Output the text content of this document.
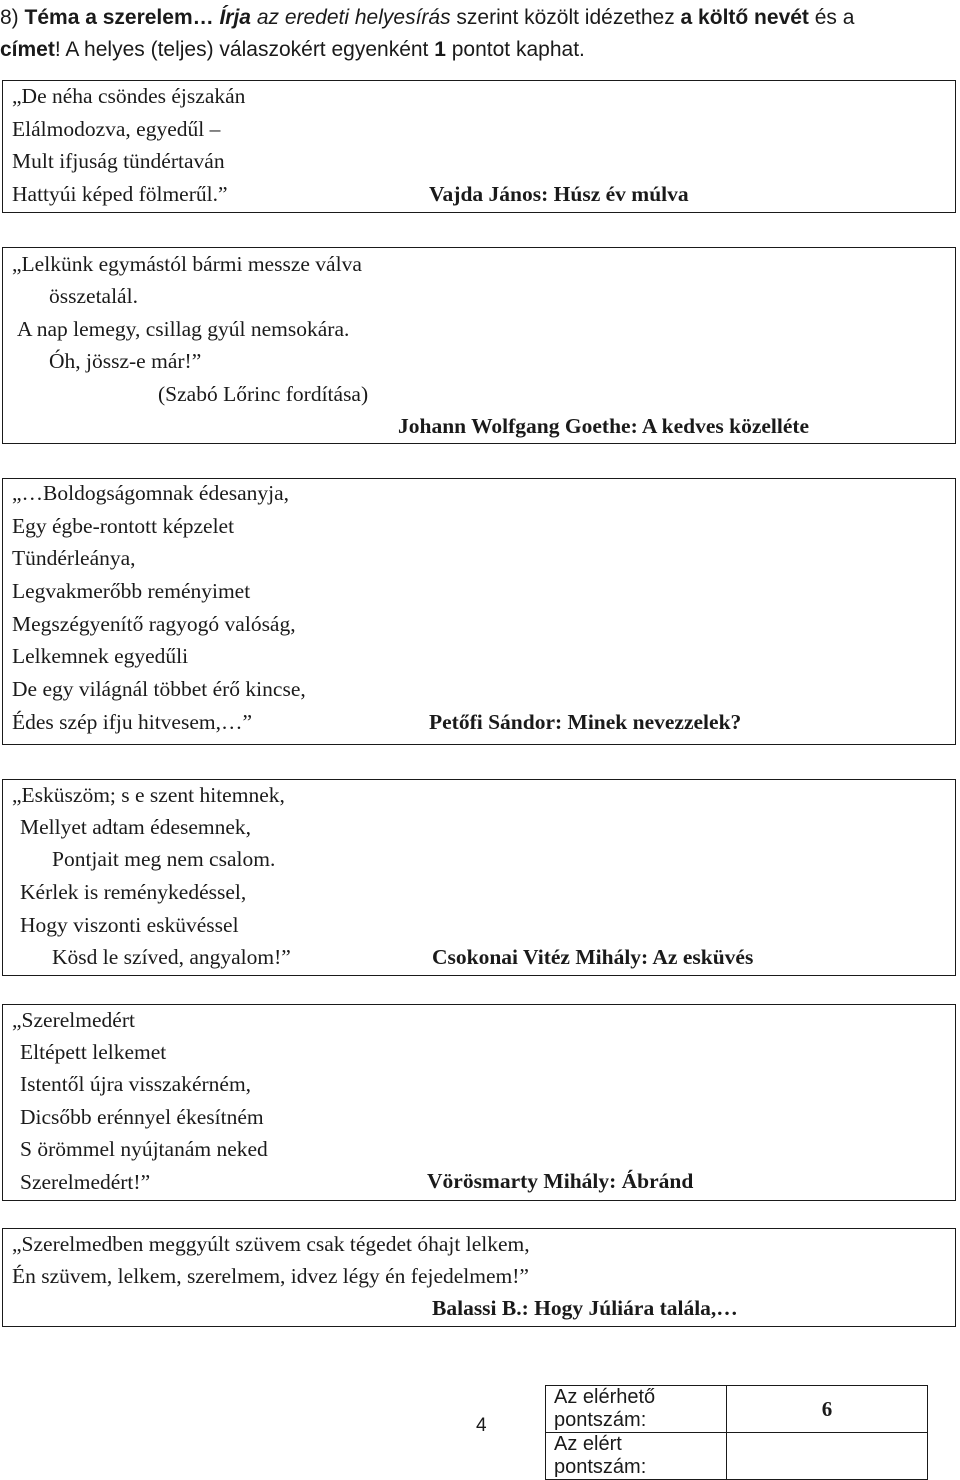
8) Téma a szerelem… Írja az eredeti helyesírás szerint közölt idézethez a költő nevét és a
címet! A helyes (teljes) válaszokért egyenként 1 pontot kaphat.
„De néha csöndes éjszakán
Elálmodozva, egyedűl –
Mult ifjuság tündértaván
Hattyúi képed fölmerűl.”	Vajda János: Húsz év múlva
„Lelkünk egymástól bármi messze válva
összetalál.
A nap lemegy, csillag gyúl nemsokára.
Óh, jössz-e már!”
(Szabó Lőrinc fordítása)
Johann Wolfgang Goethe: A kedves közelléte
„…Boldogságomnak édesanyja,
Egy égbe-rontott képzelet
Tündérleánya,
Legvakmerőbb reményimet
Megszégyenítő ragyogó valóság,
Lelkemnek egyedűli
De egy világnál többet érő kincse,
Édes szép ifju hitvesem,…”	Petőfi Sándor: Minek nevezzelek?
„Esküszöm; s e szent hitemnek,
Mellyet adtam édesemnek,
Pontjait meg nem csalom.
Kérlek is reménykedéssel,
Hogy viszonti esküvéssel
Kösd le szíved, angyalom!”	Csokonai Vitéz Mihály: Az esküvés
„Szerelmedért
Eltépett lelkemet
Istentől újra visszakérném,
Dicsőbb erénnyel ékesítném
S örömmel nyújtanám neked
Szerelmedért!”	Vörösmarty Mihály: Ábránd
„Szerelmedben meggyúlt szüvem csak tégedet óhajt lelkem,
Én szüvem, lelkem, szerelmem, idvez légy én fejedelmem!”
Balassi B.: Hogy Júliára talála,…
4
Az elérhető pontszám:	6
Az elért pontszám:	
